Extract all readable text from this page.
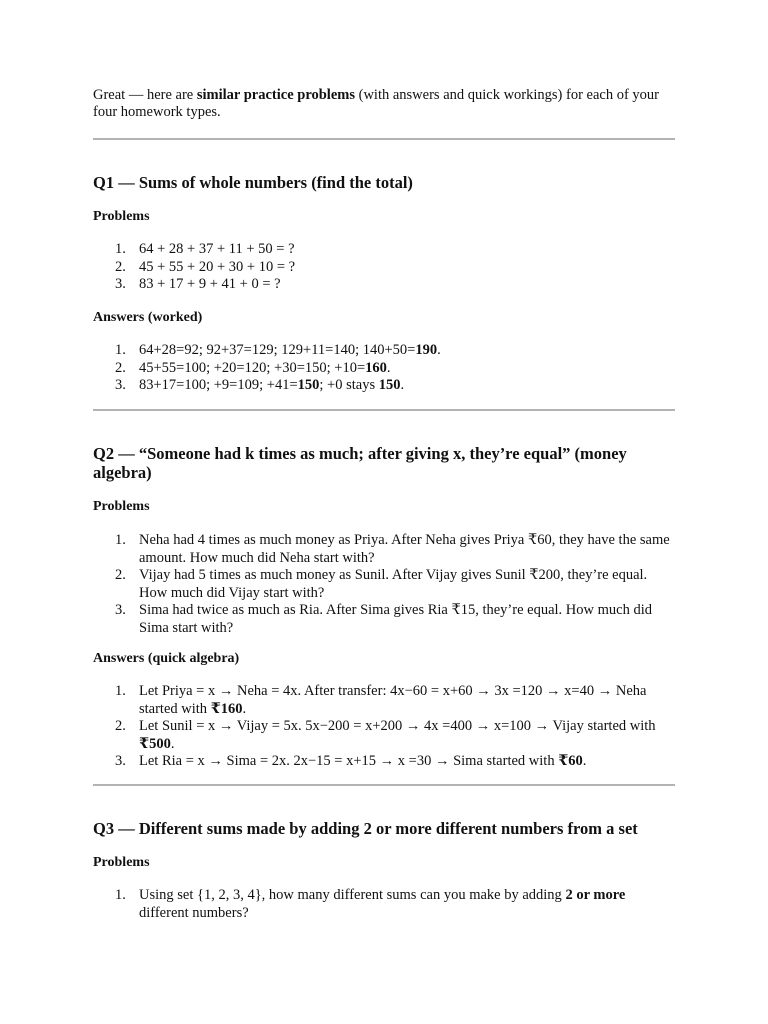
Great — here are similar practice problems (with answers and quick workings) for each of your four homework types.

Q1 — Sums of whole numbers (find the total)
Problems
1. 64 + 28 + 37 + 11 + 50 = ?
2. 45 + 55 + 20 + 30 + 10 = ?
3. 83 + 17 + 9 + 41 + 0 = ?
Answers (worked)
1. 64+28=92; 92+37=129; 129+11=140; 140+50=190.
2. 45+55=100; +20=120; +30=150; +10=160.
3. 83+17=100; +9=109; +41=150; +0 stays 150.
Q2 — “Someone had k times as much; after giving x, they’re equal” (money algebra)
Problems
1. Neha had 4 times as much money as Priya. After Neha gives Priya ₹60, they have the same amount. How much did Neha start with?
2. Vijay had 5 times as much money as Sunil. After Vijay gives Sunil ₹200, they’re equal. How much did Vijay start with?
3. Sima had twice as much as Ria. After Sima gives Ria ₹15, they’re equal. How much did Sima start with?
Answers (quick algebra)
1. Let Priya = x → Neha = 4x. After transfer: 4x−60 = x+60 → 3x =120 → x=40 → Neha started with ₹160.
2. Let Sunil = x → Vijay = 5x. 5x−200 = x+200 → 4x =400 → x=100 → Vijay started with ₹500.
3. Let Ria = x → Sima = 2x. 2x−15 = x+15 → x =30 → Sima started with ₹60.
Q3 — Different sums made by adding 2 or more different numbers from a set
Problems
1. Using set {1, 2, 3, 4}, how many different sums can you make by adding 2 or more different numbers?
